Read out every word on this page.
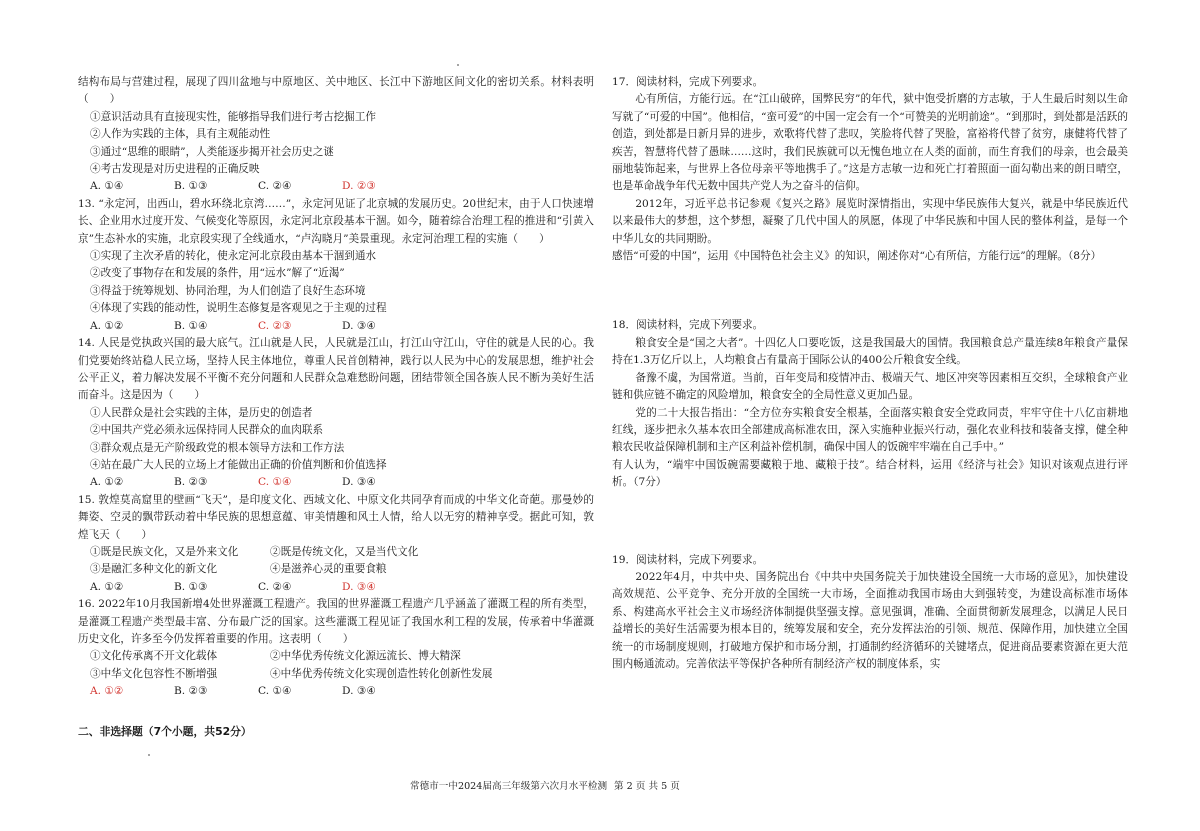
结构布局与营建过程，展现了四川盆地与中原地区、关中地区、长江中下游地区间文化的密切关系。材料表明（　　）

①意识活动具有直接现实性，能够指导我们进行考古挖掘工作

②人作为实践的主体，具有主观能动性

③通过“思维的眼睛”，人类能逐步揭开社会历史之谜

④考古发现是对历史进程的正确反映

A. ①④	B. ①③	C. ②④	D. ②③

13. “永定河，出西山，碧水环绕北京湾……”，永定河见证了北京城的发展历史。20世纪末，由于人口快速增长、企业用水过度开发、气候变化等原因，永定河北京段基本干涸。如今，随着综合治理工程的推进和“引黄入京”生态补水的实施，北京段实现了全线通水，“卢沟晓月”美景重现。永定河治理工程的实施（　　）

①实现了主次矛盾的转化，使永定河北京段由基本干涸到通水

②改变了事物存在和发展的条件，用“远水”解了“近渴”

③得益于统筹规划、协同治理，为人们创造了良好生态环境

④体现了实践的能动性，说明生态修复是客观见之于主观的过程

A. ①②	B. ①④	C. ②③	D. ③④

14. 人民是党执政兴国的最大底气。江山就是人民，人民就是江山，打江山守江山，守住的就是人民的心。我们党要始终站稳人民立场，坚持人民主体地位，尊重人民首创精神，践行以人民为中心的发展思想，维护社会公平正义，着力解决发展不平衡不充分问题和人民群众急难愁盼问题，团结带领全国各族人民不断为美好生活而奋斗。这是因为（　　）

①人民群众是社会实践的主体，是历史的创造者

②中国共产党必须永远保持同人民群众的血肉联系

③群众观点是无产阶级政党的根本领导方法和工作方法

④站在最广大人民的立场上才能做出正确的价值判断和价值选择

A. ①②	B. ②③	C. ①④	D. ③④

15. 敦煌莫高窟里的壁画“飞天”，是印度文化、西域文化、中原文化共同孕育而成的中华文化奇葩。那曼妙的舞姿、空灵的飘带跃动着中华民族的思想意蕴、审美情趣和风土人情，给人以无穷的精神享受。据此可知，敦煌飞天（　　）

①既是民族文化，又是外来文化	②既是传统文化，又是当代文化
③是融汇多种文化的新文化	④是滋养心灵的重要食粮
A. ①②	B. ①③	C. ②④	D. ③④

16. 2022年10月我国新增4处世界灌溉工程遗产。我国的世界灌溉工程遗产几乎涵盖了灌溉工程的所有类型，是灌溉工程遗产类型最丰富、分布最广泛的国家。这些灌溉工程见证了我国水利工程的发展，传承着中华灌溉历史文化，许多至今仍发挥着重要的作用。这表明（　　）

①文化传承离不开文化载体	②中华优秀传统文化源远流长、博大精深
③中华文化包容性不断增强	④中华优秀传统文化实现创造性转化创新性发展
A. ①②	B. ②③	C. ①④	D. ③④

二、非选择题（7个小题，共52分）

17．阅读材料，完成下列要求。

心有所信，方能行远。在“江山破碎，国弊民穷”的年代，狱中饱受折磨的方志敏，于人生最后时刻以生命写就了“可爱的中国”。他相信，“蛮可爱”的中国一定会有一个“可赞美的光明前途”。“到那时，到处都是活跃的创造，到处都是日新月异的进步，欢歌将代替了悲叹，笑脸将代替了哭脸，富裕将代替了贫穷，康健将代替了疾苦，智慧将代替了愚昧……这时，我们民族就可以无愧色地立在人类的面前，而生育我们的母亲，也会最美丽地装饰起来，与世界上各位母亲平等地携手了。”这是方志敏一边和死亡打着照面一面勾勒出来的朗日晴空，也是革命战争年代无数中国共产党人为之奋斗的信仰。

2012年，习近平总书记参观《复兴之路》展览时深情指出，实现中华民族伟大复兴，就是中华民族近代以来最伟大的梦想，这个梦想，凝聚了几代中国人的夙愿，体现了中华民族和中国人民的整体利益，是每一个中华儿女的共同期盼。

感悟“可爱的中国”，运用《中国特色社会主义》的知识，阐述你对“心有所信，方能行远”的理解。（8分）

18．阅读材料，完成下列要求。

粮食安全是“国之大者”。十四亿人口要吃饭，这是我国最大的国情。我国粮食总产量连续8年粮食产量保持在1.3万亿斤以上，人均粮食占有量高于国际公认的400公斤粮食安全线。

备豫不虞，为国常道。当前，百年变局和疫情冲击、极端天气、地区冲突等因素相互交织，全球粮食产业链和供应链不确定的风险增加，粮食安全的全局性意义更加凸显。

党的二十大报告指出：“全方位夯实粮食安全根基，全面落实粮食安全党政同责，牢牢守住十八亿亩耕地红线，逐步把永久基本农田全部建成高标准农田，深入实施种业振兴行动，强化农业科技和装备支撑，健全种粮农民收益保障机制和主产区利益补偿机制，确保中国人的饭碗牢牢端在自己手中。”

有人认为，“端牢中国饭碗需要藏粮于地、藏粮于技”。结合材料，运用《经济与社会》知识对该观点进行评析。（7分）

19．阅读材料，完成下列要求。

2022年4月，中共中央、国务院出台《中共中央国务院关于加快建设全国统一大市场的意见》，加快建设高效规范、公平竞争、充分开放的全国统一大市场，全面推动我国市场由大到强转变，为建设高标准市场体系、构建高水平社会主义市场经济体制提供坚强支撑。意见强调，准确、全面贯彻新发展理念，以满足人民日益增长的美好生活需要为根本目的，统筹发展和安全，充分发挥法治的引领、规范、保障作用，加快建立全国统一的市场制度规则，打破地方保护和市场分割，打通制约经济循环的关键堵点，促进商品要素资源在更大范围内畅通流动。完善依法平等保护各种所有制经济产权的制度体系，实

常德市一中2024届高三年级第六次月水平检测 第 2 页 共 5 页
